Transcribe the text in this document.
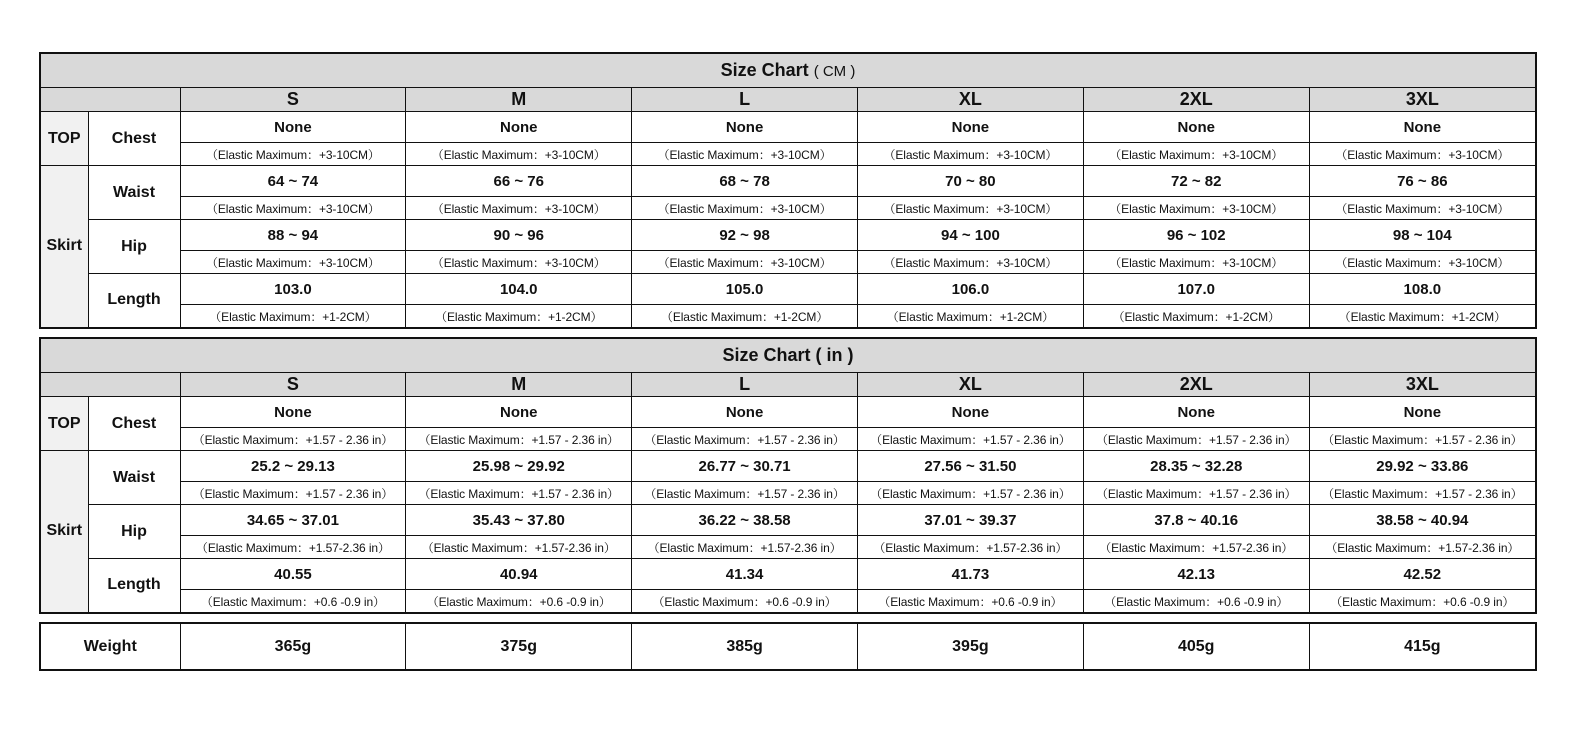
Size Chart ( CM )							
		S	M	L	XL	2XL	3XL
TOP	Chest	None	None	None	None	None	None
		（Elastic Maximum：+3-10CM）	（Elastic Maximum：+3-10CM）	（Elastic Maximum：+3-10CM）	（Elastic Maximum：+3-10CM）	（Elastic Maximum：+3-10CM）	（Elastic Maximum：+3-10CM）
Skirt	Waist	64 ~ 74	66 ~ 76	68 ~ 78	70 ~ 80	72 ~ 82	76 ~ 86
		（Elastic Maximum：+3-10CM）	（Elastic Maximum：+3-10CM）	（Elastic Maximum：+3-10CM）	（Elastic Maximum：+3-10CM）	（Elastic Maximum：+3-10CM）	（Elastic Maximum：+3-10CM）
	Hip	88 ~ 94	90 ~ 96	92 ~ 98	94 ~ 100	96 ~ 102	98 ~ 104
		（Elastic Maximum：+3-10CM）	（Elastic Maximum：+3-10CM）	（Elastic Maximum：+3-10CM）	（Elastic Maximum：+3-10CM）	（Elastic Maximum：+3-10CM）	（Elastic Maximum：+3-10CM）
	Length	103.0	104.0	105.0	106.0	107.0	108.0
		（Elastic Maximum：+1-2CM）	（Elastic Maximum：+1-2CM）	（Elastic Maximum：+1-2CM）	（Elastic Maximum：+1-2CM）	（Elastic Maximum：+1-2CM）	（Elastic Maximum：+1-2CM）
Size Chart ( in )							
		S	M	L	XL	2XL	3XL
TOP	Chest	None	None	None	None	None	None
		（Elastic Maximum：+1.57 - 2.36 in）	（Elastic Maximum：+1.57 - 2.36 in）	（Elastic Maximum：+1.57 - 2.36 in）	（Elastic Maximum：+1.57 - 2.36 in）	（Elastic Maximum：+1.57 - 2.36 in）	（Elastic Maximum：+1.57 - 2.36 in）
Skirt	Waist	25.2 ~ 29.13	25.98 ~ 29.92	26.77 ~ 30.71	27.56 ~ 31.50	28.35 ~ 32.28	29.92 ~ 33.86
		（Elastic Maximum：+1.57 - 2.36 in）	（Elastic Maximum：+1.57 - 2.36 in）	（Elastic Maximum：+1.57 - 2.36 in）	（Elastic Maximum：+1.57 - 2.36 in）	（Elastic Maximum：+1.57 - 2.36 in）	（Elastic Maximum：+1.57 - 2.36 in）
	Hip	34.65 ~ 37.01	35.43 ~ 37.80	36.22 ~ 38.58	37.01 ~ 39.37	37.8 ~ 40.16	38.58 ~ 40.94
		（Elastic Maximum：+1.57-2.36 in）	（Elastic Maximum：+1.57-2.36 in）	（Elastic Maximum：+1.57-2.36 in）	（Elastic Maximum：+1.57-2.36 in）	（Elastic Maximum：+1.57-2.36 in）	（Elastic Maximum：+1.57-2.36 in）
	Length	40.55	40.94	41.34	41.73	42.13	42.52
		（Elastic Maximum：+0.6 -0.9 in）	（Elastic Maximum：+0.6 -0.9 in）	（Elastic Maximum：+0.6 -0.9 in）	（Elastic Maximum：+0.6 -0.9 in）	（Elastic Maximum：+0.6 -0.9 in）	（Elastic Maximum：+0.6 -0.9 in）
Weight	365g	375g	385g	395g	405g	415g
